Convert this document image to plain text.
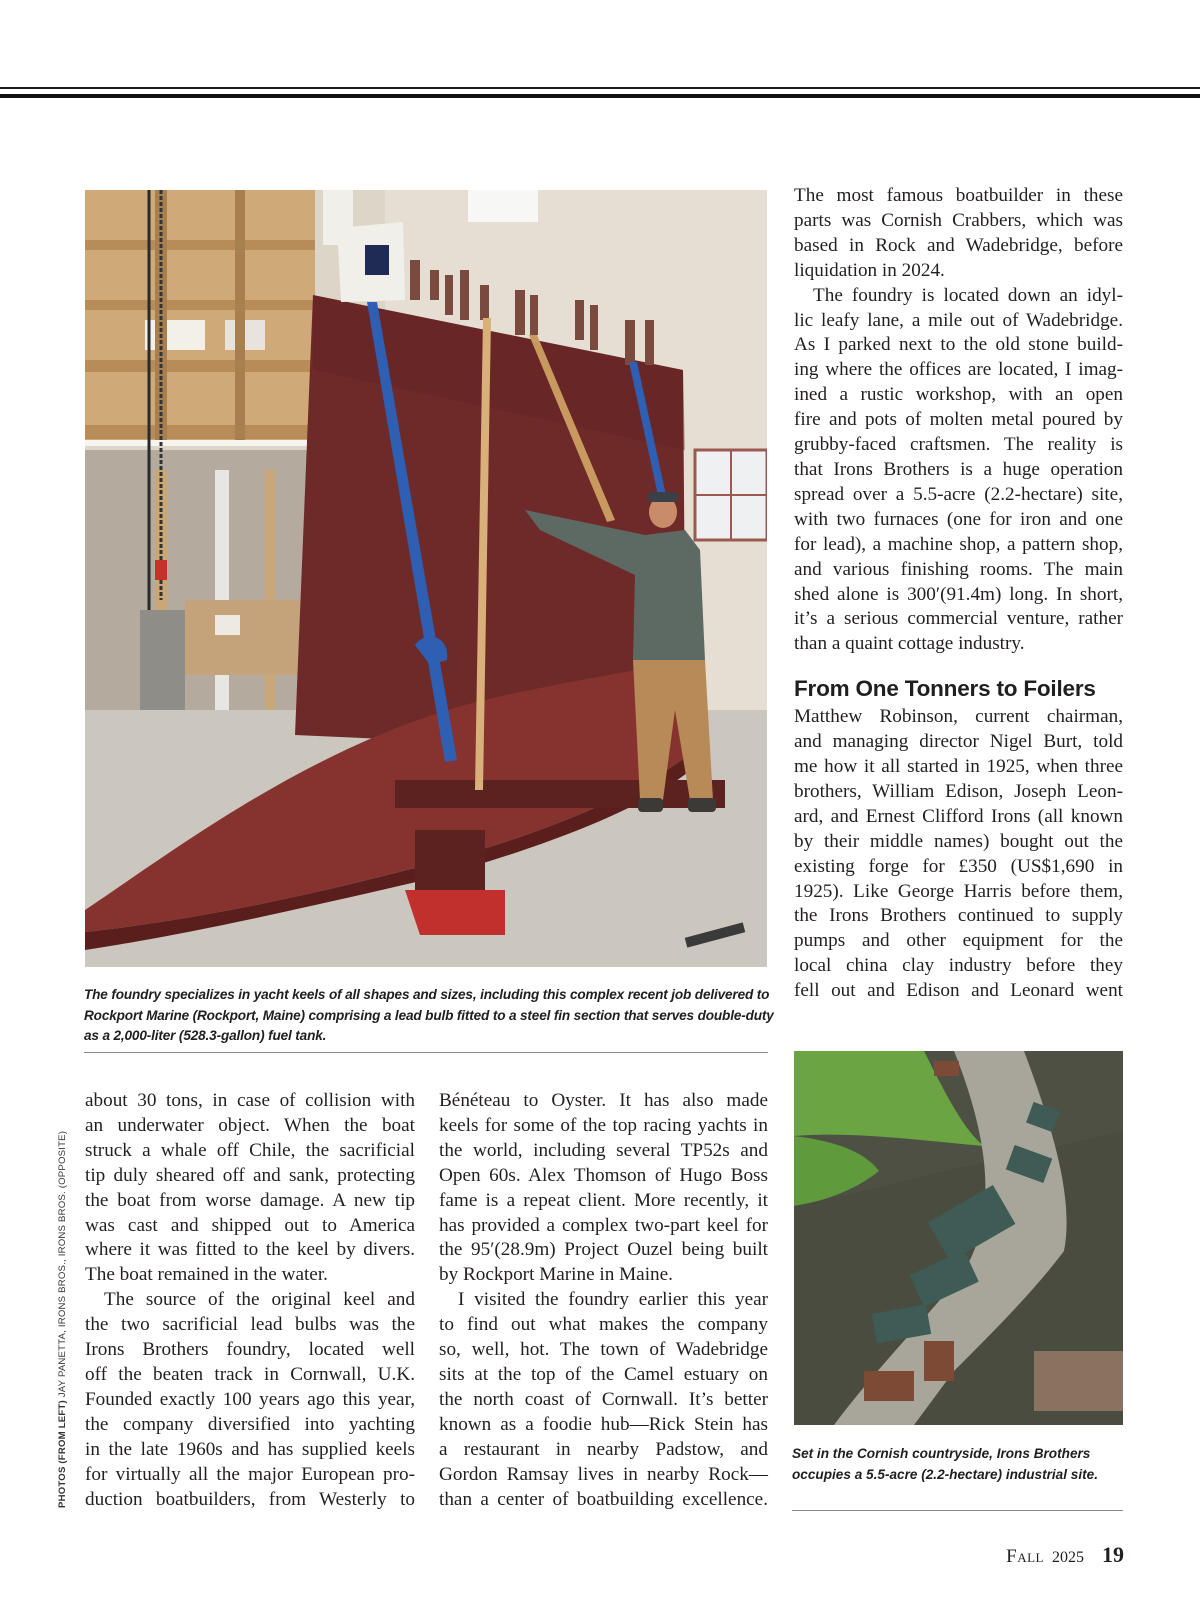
The foundry specializes in yacht keels of all shapes and sizes, including this complex recent job delivered to Rockport Marine (Rockport, Maine) comprising a lead bulb fitted to a steel fin section that serves double-duty as a 2,000-liter (528.3-gallon) fuel tank.

The most famous boatbuilder in these
parts was Cornish Crabbers, which was
based in Rock and Wadebridge, before
liquidation in 2024.

The foundry is located down an idyl-
lic leafy lane, a mile out of Wadebridge.
As I parked next to the old stone build-
ing where the offices are located, I imag-
ined a rustic workshop, with an open
fire and pots of molten metal poured by
grubby-faced craftsmen. The reality is
that Irons Brothers is a huge operation
spread over a 5.5-acre (2.2-hectare) site,
with two furnaces (one for iron and one
for lead), a machine shop, a pattern shop,
and various finishing rooms. The main
shed alone is 300′(91.4m) long. In short,
it’s a serious commercial venture, rather
than a quaint cottage industry.

From One Tonners to Foilers

Matthew Robinson, current chairman,
and managing director Nigel Burt, told
me how it all started in 1925, when three
brothers, William Edison, Joseph Leon-
ard, and Ernest Clifford Irons (all known
by their middle names) bought out the
existing forge for £350 (US$1,690 in
1925). Like George Harris before them,
the Irons Brothers continued to supply
pumps and other equipment for the
local china clay industry before they
fell out and Edison and Leonard went

Set in the Cornish countryside, Irons Brothers occupies a 5.5-acre (2.2-hectare) industrial site.

about 30 tons, in case of collision with
an underwater object. When the boat
struck a whale off Chile, the sacrificial
tip duly sheared off and sank, protecting
the boat from worse damage. A new tip
was cast and shipped out to America
where it was fitted to the keel by divers.
The boat remained in the water.

The source of the original keel and
the two sacrificial lead bulbs was the
Irons Brothers foundry, located well
off the beaten track in Cornwall, U.K.
Founded exactly 100 years ago this year,
the company diversified into yachting
in the late 1960s and has supplied keels
for virtually all the major European pro-
duction boatbuilders, from Westerly to

Bénéteau to Oyster. It has also made
keels for some of the top racing yachts in
the world, including several TP52s and
Open 60s. Alex Thomson of Hugo Boss
fame is a repeat client. More recently, it
has provided a complex two-part keel for
the 95′(28.9m) Project Ouzel being built
by Rockport Marine in Maine.

I visited the foundry earlier this year
to find out what makes the company
so, well, hot. The town of Wadebridge
sits at the top of the Camel estuary on
the north coast of Cornwall. It’s better
known as a foodie hub—Rick Stein has
a restaurant in nearby Padstow, and
Gordon Ramsay lives in nearby Rock—
than a center of boatbuilding excellence.

PHOTOS (FROM LEFT) JAY PANETTA, IRONS BROS., IRONS BROS. (OPPOSITE)
Fall 2025 19
